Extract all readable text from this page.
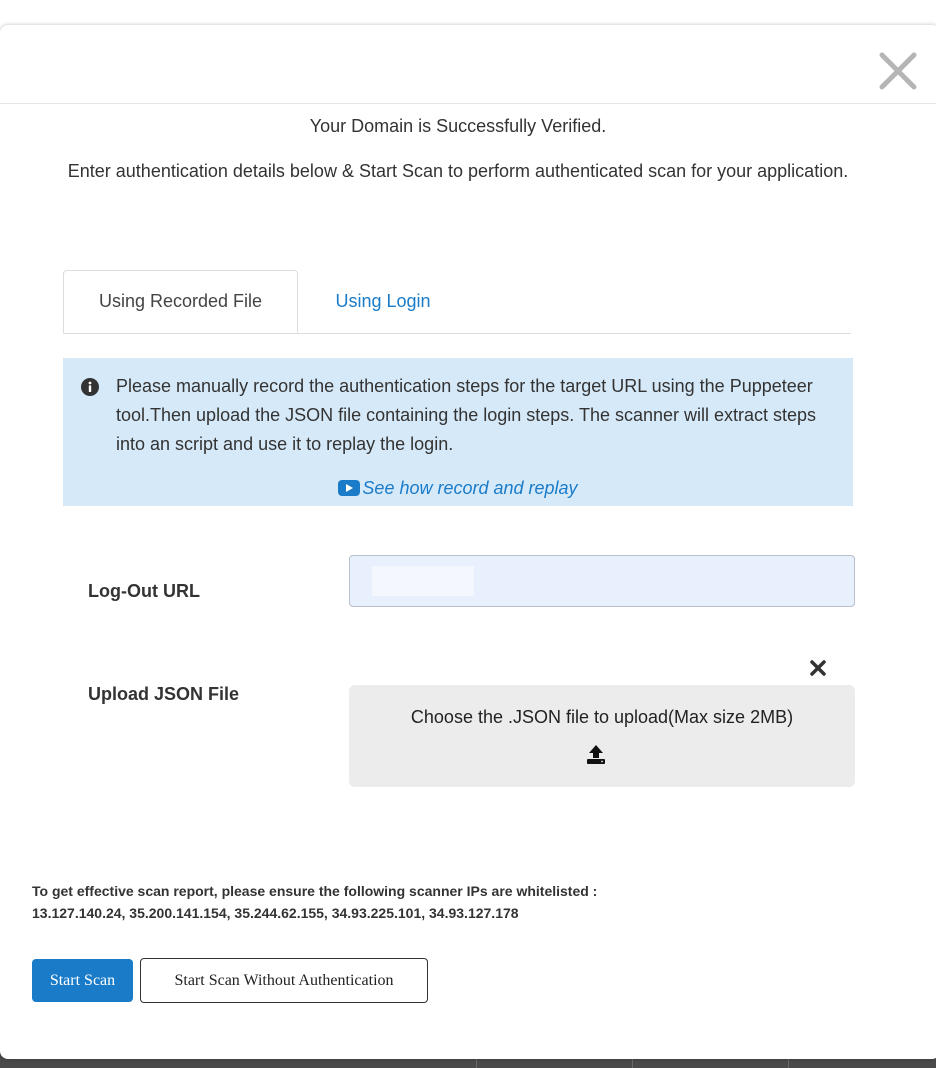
Your Domain is Successfully Verified.
Enter authentication details below & Start Scan to perform authenticated scan for your application.
Using Recorded File	Using Login
Please manually record the authentication steps for the target URL using the Puppeteer tool.Then upload the JSON file containing the login steps. The scanner will extract steps into an script and use it to replay the login.
See how record and replay
Log-Out URL
Upload JSON File
Choose the .JSON file to upload(Max size 2MB)
To get effective scan report, please ensure the following scanner IPs are whitelisted :
13.127.140.24, 35.200.141.154, 35.244.62.155, 34.93.225.101, 34.93.127.178
Start Scan	Start Scan Without Authentication
